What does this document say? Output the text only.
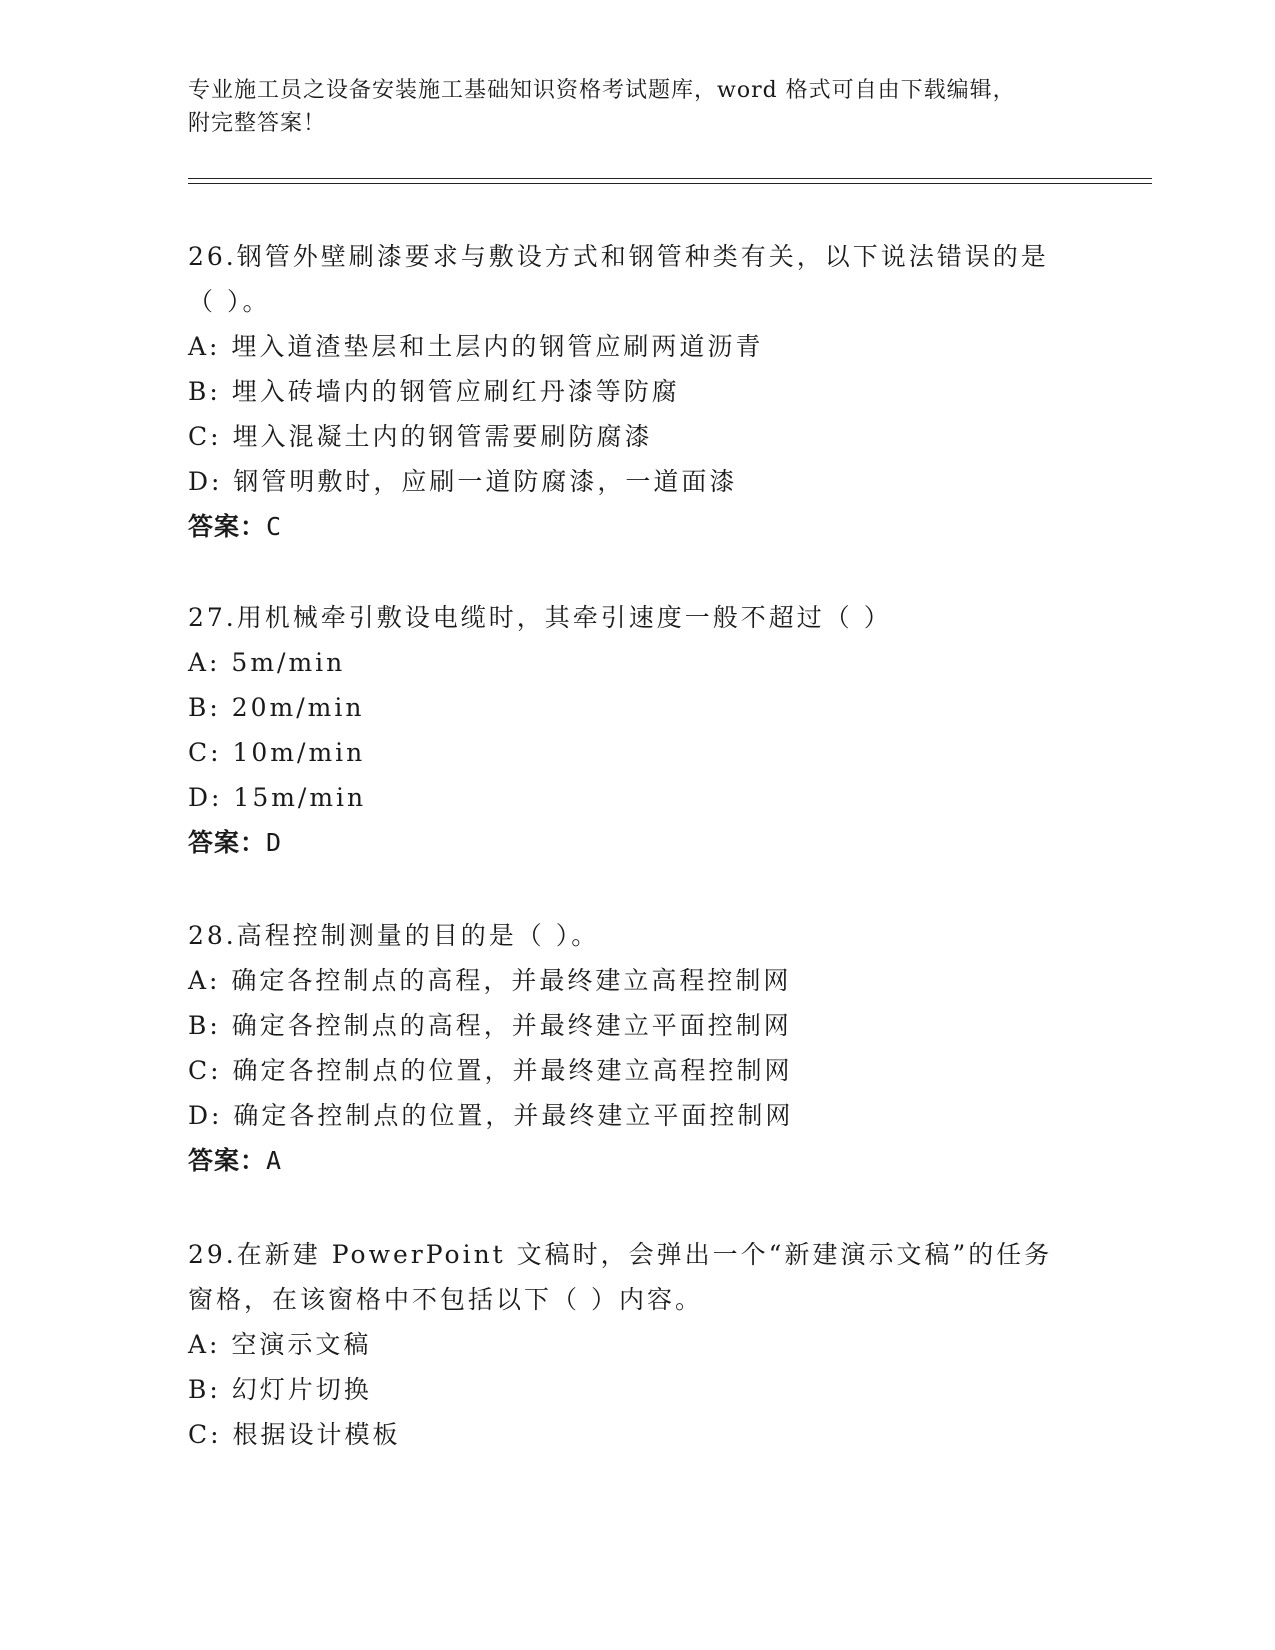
专业施工员之设备安装施工基础知识资格考试题库，word 格式可自由下载编辑，
附完整答案！

26.钢管外壁刷漆要求与敷设方式和钢管种类有关，以下说法错误的是

（ ）。

A: 埋入道渣垫层和土层内的钢管应刷两道沥青

B: 埋入砖墙内的钢管应刷红丹漆等防腐

C: 埋入混凝土内的钢管需要刷防腐漆

D: 钢管明敷时，应刷一道防腐漆，一道面漆

答案：C

27.用机械牵引敷设电缆时，其牵引速度一般不超过（ ）

A: 5m/min

B: 20m/min

C: 10m/min

D: 15m/min

答案：D

28.高程控制测量的目的是（ ）。

A: 确定各控制点的高程，并最终建立高程控制网

B: 确定各控制点的高程，并最终建立平面控制网

C: 确定各控制点的位置，并最终建立高程控制网

D: 确定各控制点的位置，并最终建立平面控制网

答案：A

29.在新建 PowerPoint 文稿时，会弹出一个“新建演示文稿”的任务

窗格，在该窗格中不包括以下（ ）内容。

A: 空演示文稿

B: 幻灯片切换

C: 根据设计模板
